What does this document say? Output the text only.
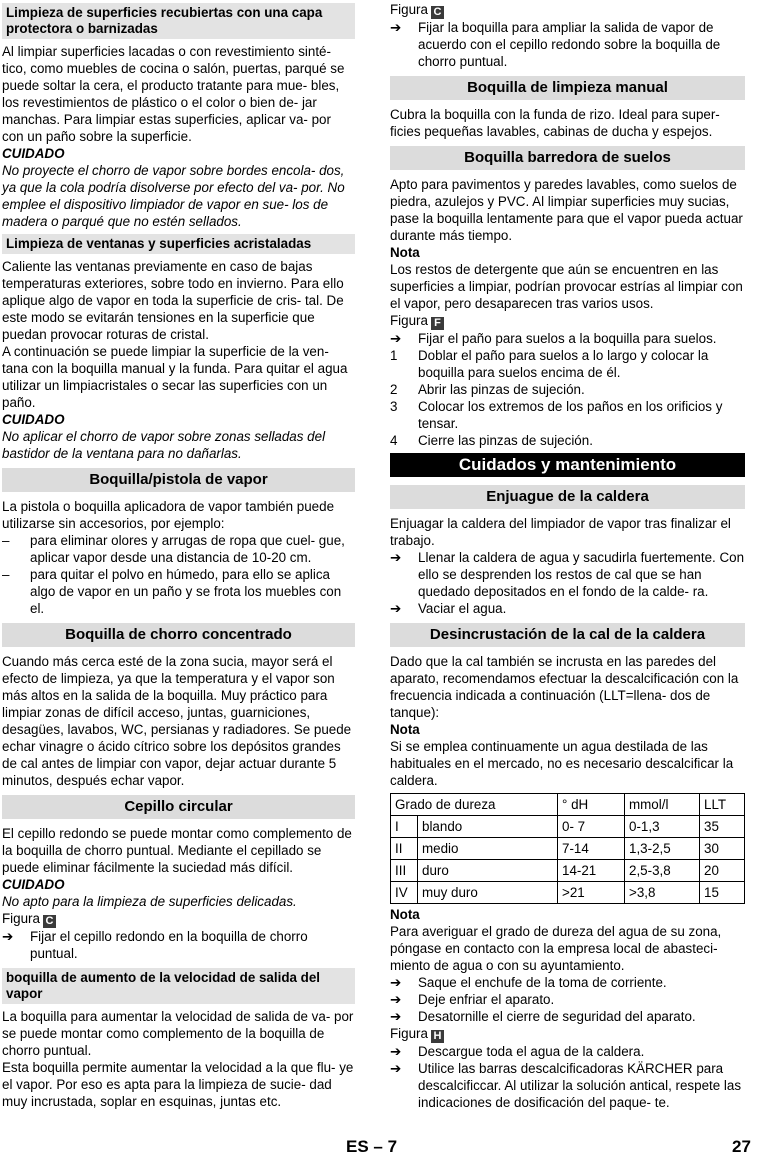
Limpieza de superficies recubiertas con una capa protectora o barnizadas

Al limpiar superficies lacadas o con revestimiento sinté- tico, como muebles de cocina o salón, puertas, parqué se puede soltar la cera, el producto tratante para mue- bles, los revestimientos de plástico o el color o bien de- jar manchas. Para limpiar estas superficies, aplicar va- por con un paño sobre la superficie.

CUIDADO

No proyecte el chorro de vapor sobre bordes encola- dos, ya que la cola podría disolverse por efecto del va- por. No emplee el dispositivo limpiador de vapor en sue- los de madera o parqué que no estén sellados.

Limpieza de ventanas y superficies acristaladas

Caliente las ventanas previamente en caso de bajas temperaturas exteriores, sobre todo en invierno. Para ello aplique algo de vapor en toda la superficie de cris- tal. De este modo se evitarán tensiones en la superficie que puedan provocar roturas de cristal.

A continuación se puede limpiar la superficie de la ven- tana con la boquilla manual y la funda. Para quitar el agua utilizar un limpiacristales o secar las superficies con un paño.

CUIDADO

No aplicar el chorro de vapor sobre zonas selladas del bastidor de la ventana para no dañarlas.

Boquilla/pistola de vapor

La pistola o boquilla aplicadora de vapor también puede utilizarse sin accesorios, por ejemplo:

–	para eliminar olores y arrugas de ropa que cuel- gue, aplicar vapor desde una distancia de 10-20 cm.
–	para quitar el polvo en húmedo, para ello se aplica algo de vapor en un paño y se frota los muebles con el.
Boquilla de chorro concentrado

Cuando más cerca esté de la zona sucia, mayor será el efecto de limpieza, ya que la temperatura y el vapor son más altos en la salida de la boquilla. Muy práctico para limpiar zonas de difícil acceso, juntas, guarniciones, desagües, lavabos, WC, persianas y radiadores. Se puede echar vinagre o ácido cítrico sobre los depósitos grandes de cal antes de limpiar con vapor, dejar actuar durante 5 minutos, después echar vapor.

Cepillo circular

El cepillo redondo se puede montar como complemento de la boquilla de chorro puntual. Mediante el cepillado se puede eliminar fácilmente la suciedad más difícil.

CUIDADO

No apto para la limpieza de superficies delicadas.

Figura C

➔	Fijar el cepillo redondo en la boquilla de chorro puntual.
boquilla de aumento de la velocidad de salida del vapor

La boquilla para aumentar la velocidad de salida de va- por se puede montar como complemento de la boquilla de chorro puntual.

Esta boquilla permite aumentar la velocidad a la que flu- ye el vapor. Por eso es apta para la limpieza de sucie- dad muy incrustada, soplar en esquinas, juntas etc.

Figura C

➔	Fijar la boquilla para ampliar la salida de vapor de acuerdo con el cepillo redondo sobre la boquilla de chorro puntual.
Boquilla de limpieza manual

Cubra la boquilla con la funda de rizo. Ideal para super- ficies pequeñas lavables, cabinas de ducha y espejos.

Boquilla barredora de suelos

Apto para pavimentos y paredes lavables, como suelos de piedra, azulejos y PVC. Al limpiar superficies muy sucias, pase la boquilla lentamente para que el vapor pueda actuar durante más tiempo.

Nota

Los restos de detergente que aún se encuentren en las superficies a limpiar, podrían provocar estrías al limpiar con el vapor, pero desaparecen tras varios usos.

Figura F

➔	Fijar el paño para suelos a la boquilla para suelos.
1	Doblar el paño para suelos a lo largo y colocar la boquilla para suelos encima de él.
2	Abrir las pinzas de sujeción.
3	Colocar los extremos de los paños en los orificios y tensar.
4	Cierre las pinzas de sujeción.
Cuidados y mantenimiento
Enjuague de la caldera

Enjuagar la caldera del limpiador de vapor tras finalizar el trabajo.

➔	Llenar la caldera de agua y sacudirla fuertemente. Con ello se desprenden los restos de cal que se han quedado depositados en el fondo de la calde- ra.
➔	Vaciar el agua.
Desincrustación de la cal de la caldera

Dado que la cal también se incrusta en las paredes del aparato, recomendamos efectuar la descalcificación con la frecuencia indicada a continuación (LLT=llena- dos de tanque):

Nota

Si se emplea continuamente un agua destilada de las habituales en el mercado, no es necesario descalcificar la caldera.

Grado de dureza		° dH	mmol/l	LLT
I	blando	0- 7	0-1,3	35
II	medio	7-14	1,3-2,5	30
III	duro	14-21	2,5-3,8	20
IV	muy duro	>21	>3,8	15

Nota

Para averiguar el grado de dureza del agua de su zona, póngase en contacto con la empresa local de abasteci- miento de agua o con su ayuntamiento.

➔	Saque el enchufe de la toma de corriente.
➔	Deje enfriar el aparato.
➔	Desatornille el cierre de seguridad del aparato.

Figura H

➔	Descargue toda el agua de la caldera.
➔	Utilice las barras descalcificadoras KÄRCHER para descalcificcar. Al utilizar la solución antical, respete las indicaciones de dosificación del paque- te.
ES – 7	27
